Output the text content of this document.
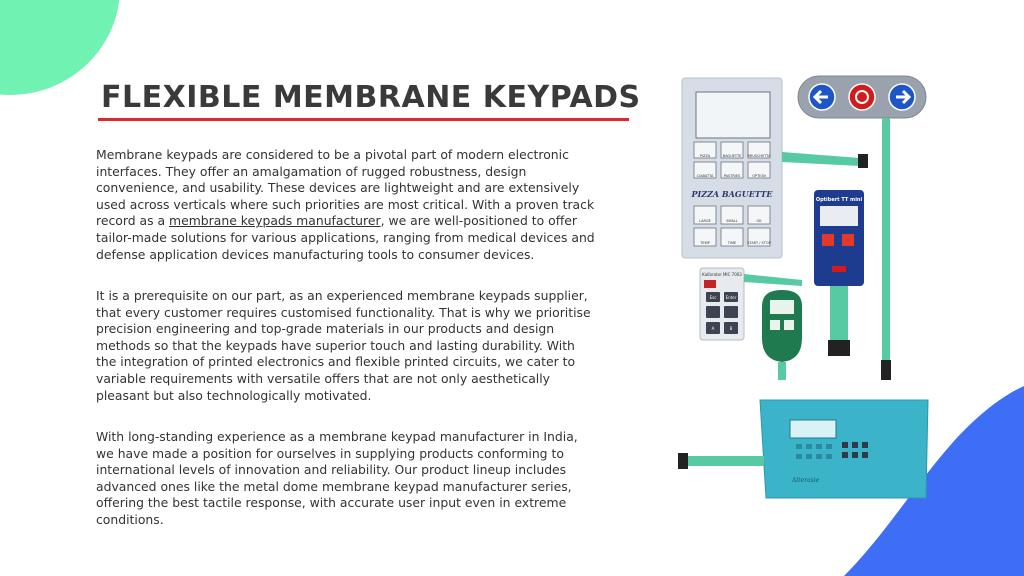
FLEXIBLE MEMBRANE KEYPADS

Membrane keypads are considered to be a pivotal part of modern electronic interfaces. They offer an amalgamation of rugged robustness, design convenience, and usability. These devices are lightweight and are extensively used across verticals where such priorities are most critical. With a proven track record as a membrane keypads manufacturer, we are well-positioned to offer tailor-made solutions for various applications, ranging from medical devices and defense application devices manufacturing tools to consumer devices.

It is a prerequisite on our part, as an experienced membrane keypads supplier, that every customer requires customised functionality. That is why we prioritise precision engineering and top-grade materials in our products and design methods so that the keypads have superior touch and lasting durability. With the integration of printed electronics and flexible printed circuits, we cater to variable requirements with versatile offers that are not only aesthetically pleasant but also technologically motivated.

With long-standing experience as a membrane keypad manufacturer in India, we have made a position for ourselves in supplying products conforming to international levels of innovation and reliability. Our product lineup includes advanced ones like the metal dome membrane keypad manufacturer series, offering the best tactile response, with accurate user input even in extreme conditions.

PIZZA	BAGUETTE BRUSCHETTA
CIABATTA	PASTRIES	OPTION
PIZZA BAGUETTE
LARGE	SMALL	OK
TEMP	TIME	START / STOP
Optibert TT mini
Kalibrator MIC 7003
Esc Enter
A	B
Alterasie
